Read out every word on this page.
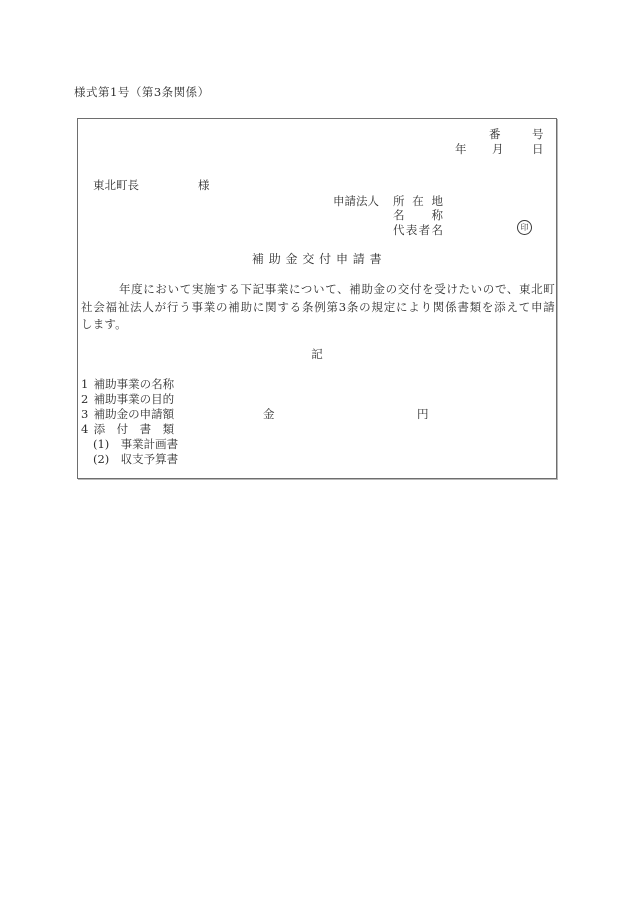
様式第1号（第3条関係）
番	号
年 月 日
東北町長	様
申請法人 所在地
名称
代表者名	印
補 助 金 交 付 申 請 書
年度において実施する下記事業について、補助金の交付を受けたいので、東北町
社会福祉法人が行う事業の補助に関する条例第3条の規定により関係書類を添えて申請
します。
記
1 補助事業の名称
2 補助事業の目的
3 補助金の申請額	金	円
4 添　付　書　類
(1) 事業計画書
(2) 収支予算書
